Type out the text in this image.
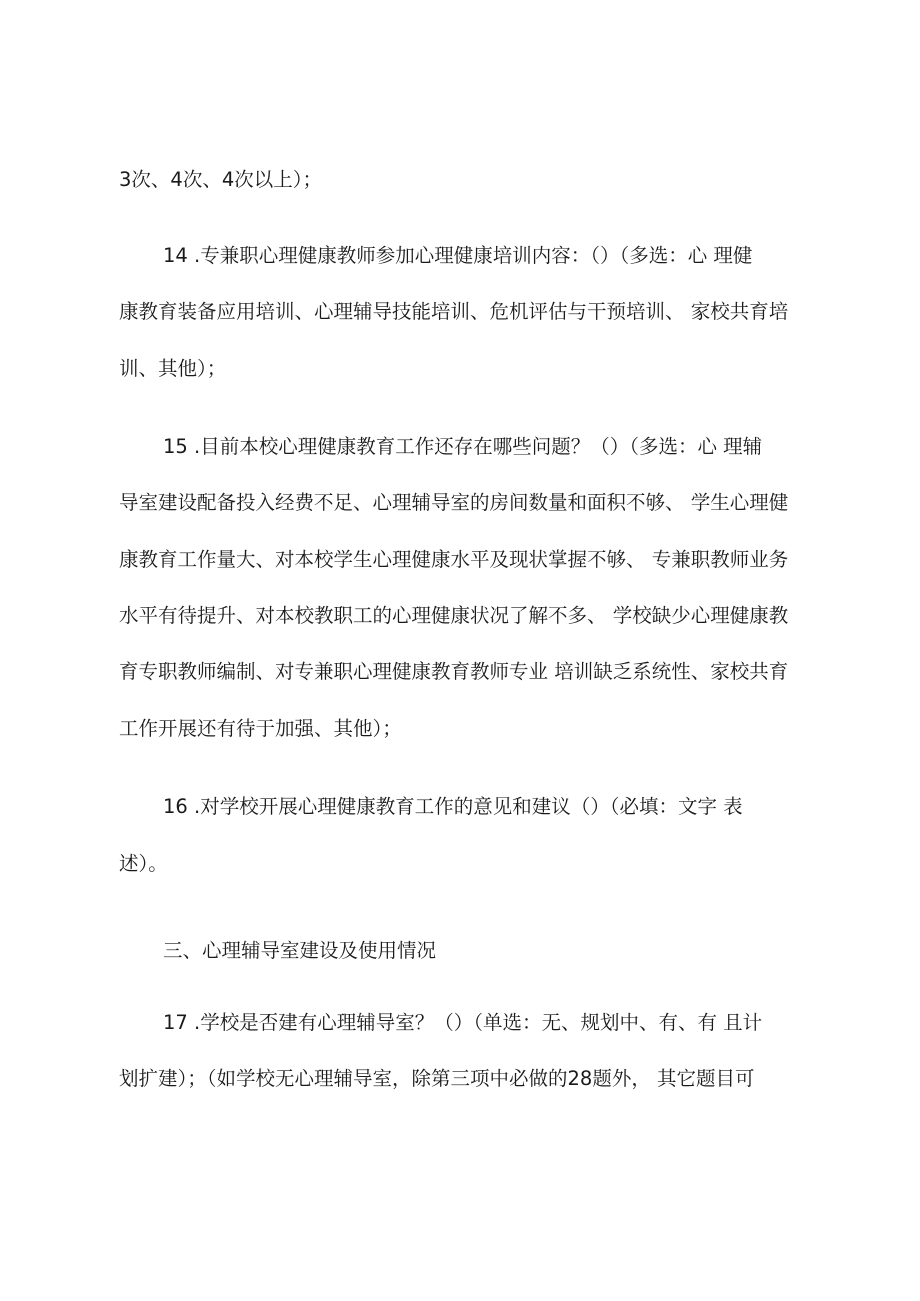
3次、4次、4次以上）；
14 .专兼职心理健康教师参加心理健康培训内容：（）（多选：心 理健
康教育装备应用培训、心理辅导技能培训、危机评估与干预培训、 家校共育培
训、其他）；
15 .目前本校心理健康教育工作还存在哪些问题？（）（多选：心 理辅
导室建设配备投入经费不足、心理辅导室的房间数量和面积不够、 学生心理健
康教育工作量大、对本校学生心理健康水平及现状掌握不够、 专兼职教师业务
水平有待提升、对本校教职工的心理健康状况了解不多、 学校缺少心理健康教
育专职教师编制、对专兼职心理健康教育教师专业 培训缺乏系统性、家校共育
工作开展还有待于加强、其他）；
16 .对学校开展心理健康教育工作的意见和建议（）（必填：文字 表
述）。
三、心理辅导室建设及使用情况
17 .学校是否建有心理辅导室？（）（单选：无、规划中、有、有 且计
划扩建）；（如学校无心理辅导室，除第三项中必做的28题外， 其它题目可
